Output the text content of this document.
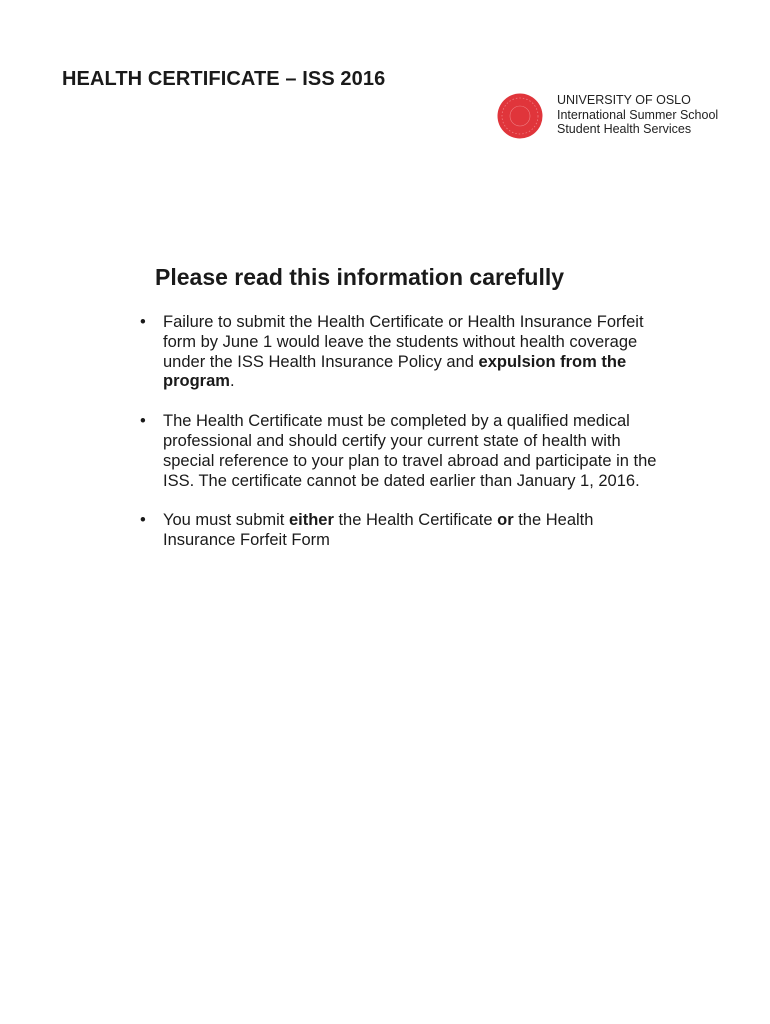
HEALTH CERTIFICATE – ISS 2016
UNIVERSITY OF OSLO
International Summer School
Student Health Services
Please read this information carefully
• Failure to submit the Health Certificate or Health Insurance Forfeit form by June 1 would leave the students without health coverage under the ISS Health Insurance Policy and expulsion from the program.
• The Health Certificate must be completed by a qualified medical professional and should certify your current state of health with special reference to your plan to travel abroad and participate in the ISS. The certificate cannot be dated earlier than January 1, 2016.
• You must submit either the Health Certificate or the Health Insurance Forfeit Form
